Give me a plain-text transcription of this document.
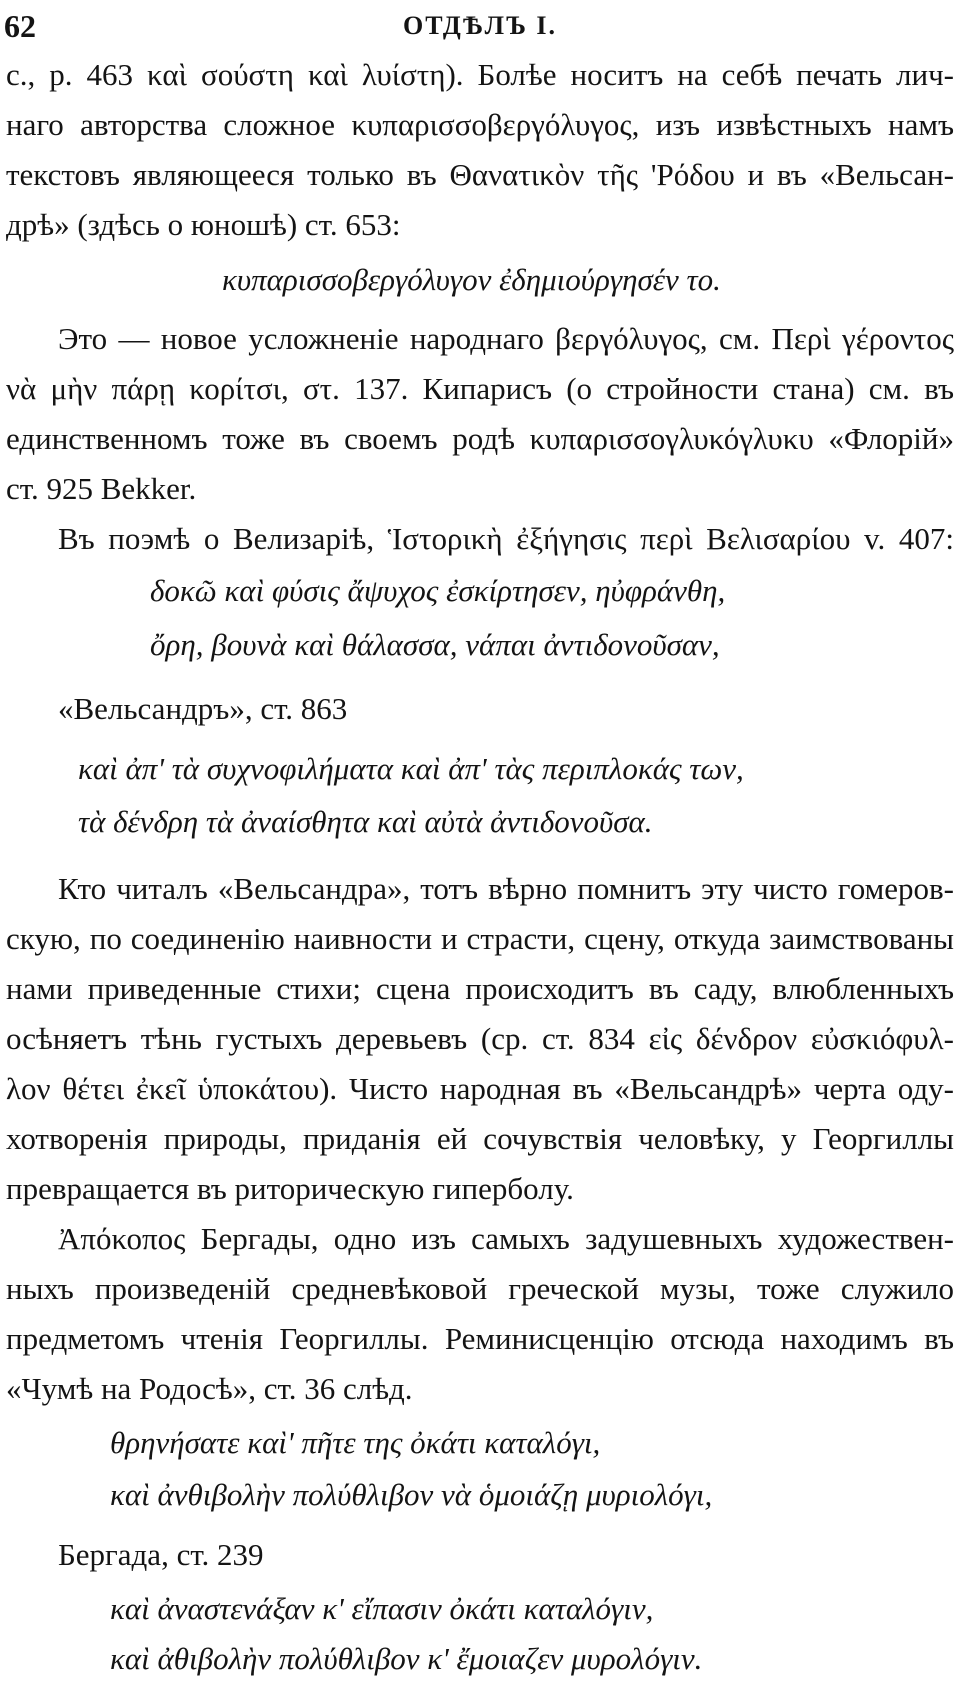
62	ОТДѢЛЪ I.
с., р. 463 καὶ σούστη καὶ λυίστη). Болѣе носитъ на себѣ печать лич-
наго авторства сложное κυπαρισσοβεργόλυγος, изъ извѣстныхъ намъ
текстовъ являющееся только въ Θανατικὸν τῆς 'Ρόδου и въ «Вельсан-
дрѣ» (здѣсь о юношѣ) ст. 653:
κυπαρισσοβεργόλυγον ἐδημιούργησέν το.
Это — новое усложненіе народнаго βεργόλυγος, см. Περὶ γέροντος
νὰ μὴν πάρῃ κορίτσι, στ. 137. Кипарисъ (о стройности стана) см. въ
единственномъ тоже въ своемъ родѣ κυπαρισσογλυκόγλυκυ «Флорій»
ст. 925 Bekker.
Въ поэмѣ о Велизаріѣ, Ἱστορικὴ ἐξήγησις περὶ Βελισαρίου v. 407:
δοκῶ καὶ φύσις ἄψυχος ἐσκίρτησεν, ηὐφράνθη,
ὄρη, βουνὰ καὶ θάλασσα, νάπαι ἀντιδονοῦσαν,
«Вельсандръ», ст. 863
καὶ ἀπ' τὰ συχνοφιλήματα καὶ ἀπ' τὰς περιπλοκάς των,
τὰ δένδρη τὰ ἀναίσθητα καὶ αὐτὰ ἀντιδονοῦσα.
Кто читалъ «Вельсандра», тотъ вѣрно помнитъ эту чисто гомеров-
скую, по соединенію наивности и страсти, сцену, откуда заимствованы
нами приведенные стихи; сцена происходитъ въ саду, влюбленныхъ
осѣняетъ тѣнь густыхъ деревьевъ (ср. ст. 834 εἰς δένδρον εὐσκιόφυλ-
λον θέτει ἐκεῖ ὑποκάτου). Чисто народная въ «Вельсандрѣ» черта оду-
хотворенія природы, приданія ей сочувствія человѣку, у Георгиллы
превращается въ риторическую гиперболу.
Ἀπόκοπος Бергады, одно изъ самыхъ задушевныхъ художествен-
ныхъ произведеній средневѣковой греческой музы, тоже служило
предметомъ чтенія Георгиллы. Реминисценцію отсюда находимъ въ
«Чумѣ на Родосѣ», ст. 36 слѣд.
θρηνήσατε καὶ' πῆτε της ὀκάτι καταλόγι,
καὶ ἀνθιβολὴν πολύθλιβον νὰ ὁμοιάζῃ μυριολόγι,
Бергада, ст. 239
καὶ ἀναστενάξαν κ' εἴπασιν ὀκάτι καταλόγιν,
καὶ ἀθιβολὴν πολύθλιβον κ' ἔμοιαζεν μυρολόγιν.
